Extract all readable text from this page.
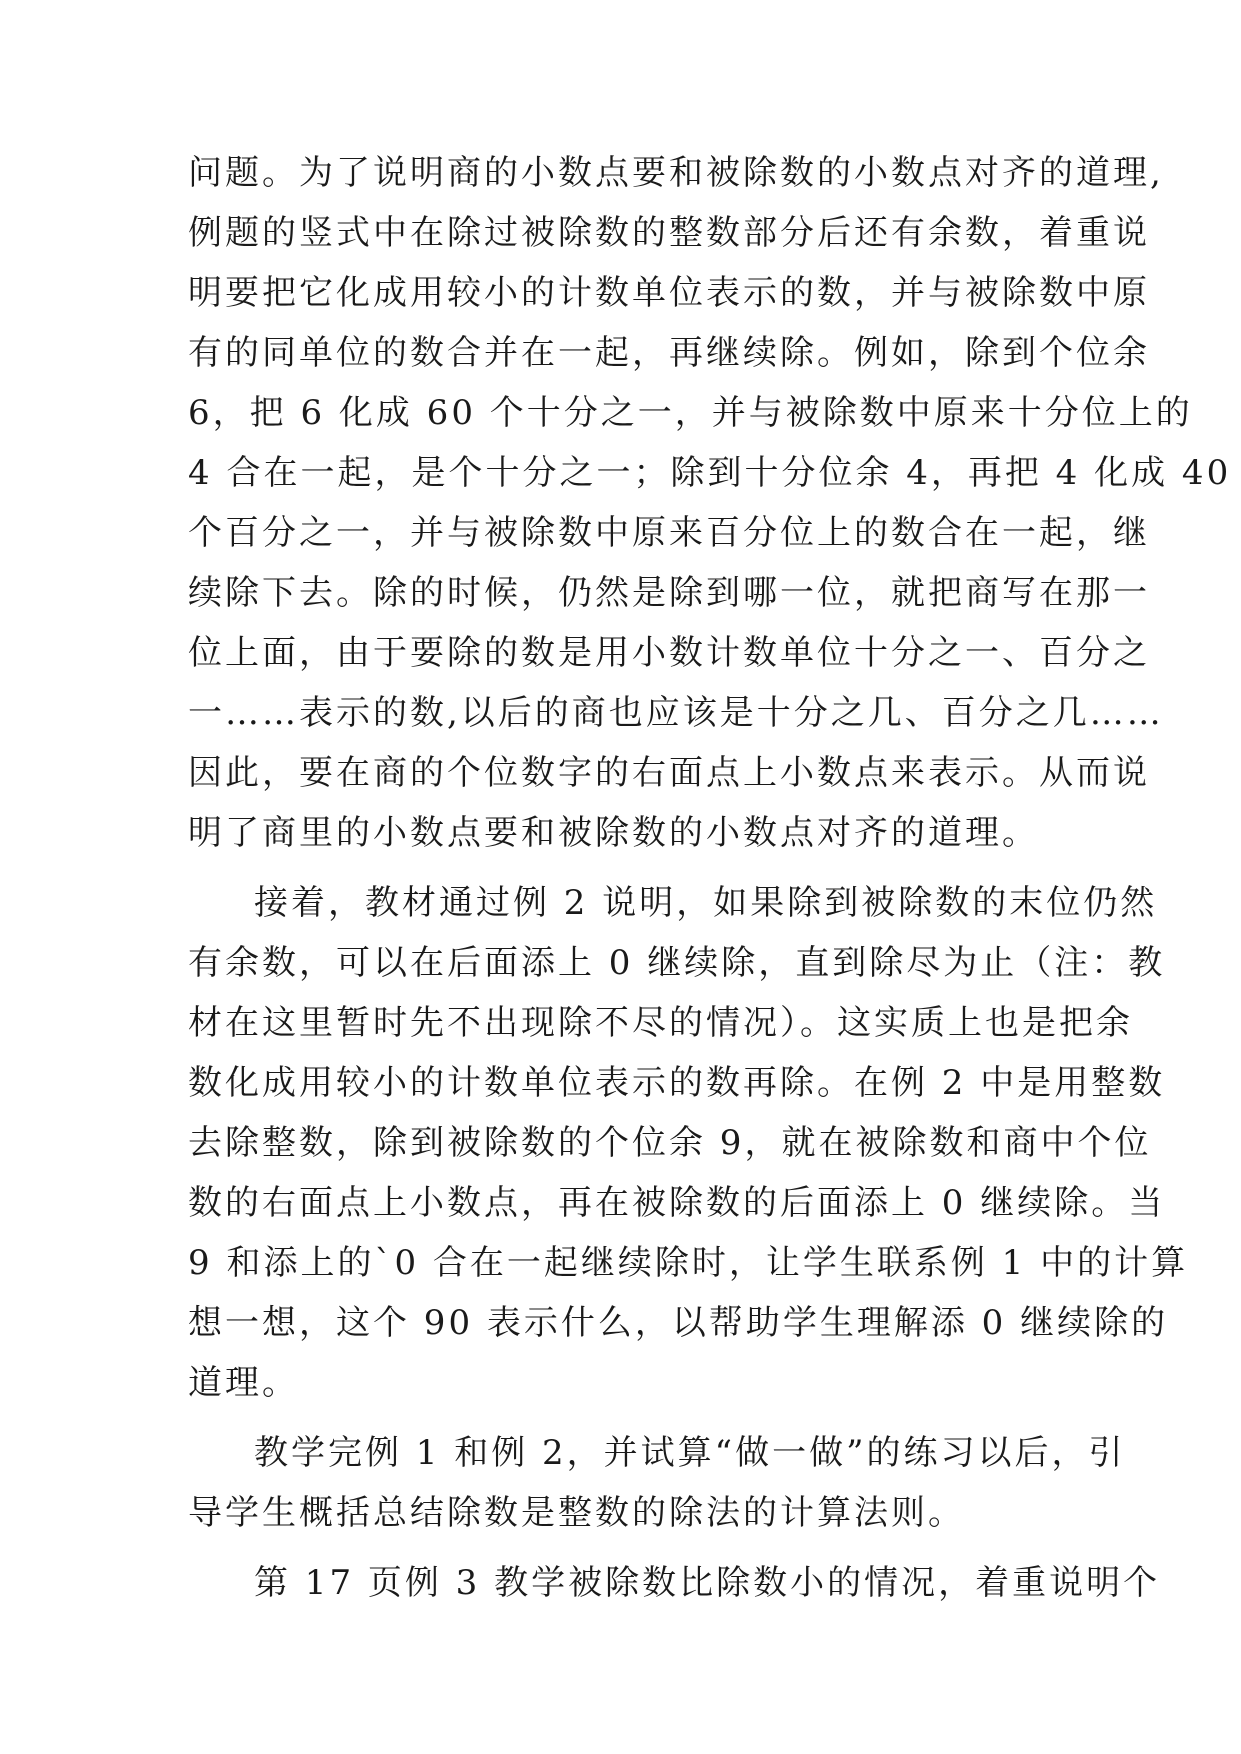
问题。为了说明商的小数点要和被除数的小数点对齐的道理,
例题的竖式中在除过被除数的整数部分后还有余数，着重说
明要把它化成用较小的计数单位表示的数，并与被除数中原
有的同单位的数合并在一起，再继续除。例如，除到个位余
6，把 6 化成 60 个十分之一，并与被除数中原来十分位上的
4 合在一起，是个十分之一；除到十分位余 4，再把 4 化成 40
个百分之一，并与被除数中原来百分位上的数合在一起，继
续除下去。除的时候，仍然是除到哪一位，就把商写在那一
位上面，由于要除的数是用小数计数单位十分之一、百分之
一……表示的数,以后的商也应该是十分之几、百分之几……
因此，要在商的个位数字的右面点上小数点来表示。从而说
明了商里的小数点要和被除数的小数点对齐的道理。
接着，教材通过例 2 说明，如果除到被除数的末位仍然
有余数，可以在后面添上 0 继续除，直到除尽为止（注：教
材在这里暂时先不出现除不尽的情况）。这实质上也是把余
数化成用较小的计数单位表示的数再除。在例 2 中是用整数
去除整数，除到被除数的个位余 9，就在被除数和商中个位
数的右面点上小数点，再在被除数的后面添上 0 继续除。当
9 和添上的`0 合在一起继续除时，让学生联系例 1 中的计算
想一想，这个 90 表示什么，以帮助学生理解添 0 继续除的
道理。
教学完例 1 和例 2，并试算“做一做”的练习以后，引
导学生概括总结除数是整数的除法的计算法则。
第 17 页例 3 教学被除数比除数小的情况，着重说明个
